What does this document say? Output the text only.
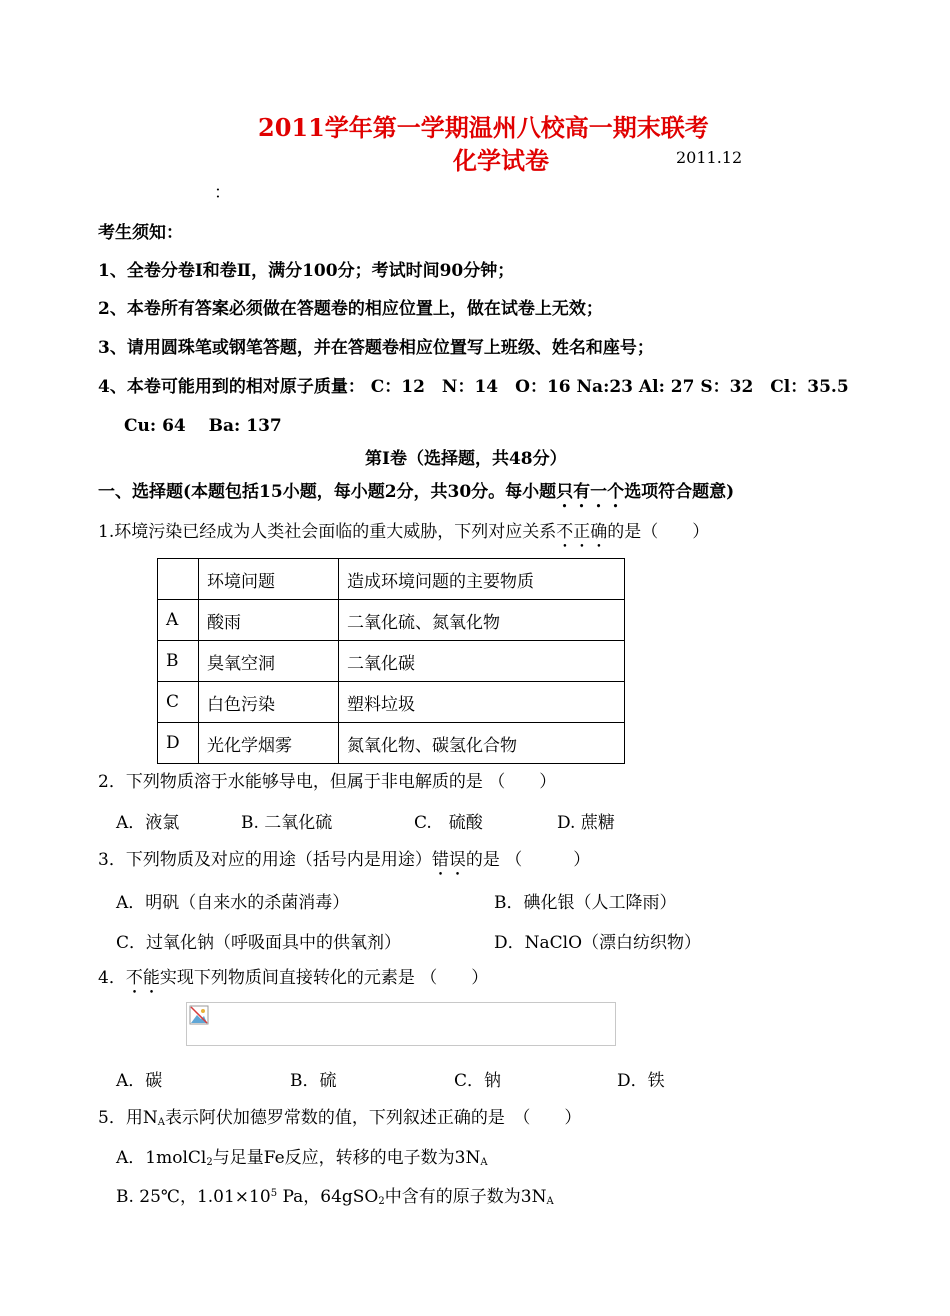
2011学年第一学期温州八校高一期末联考
化学试卷	2011.12
：
考生须知：
1、全卷分卷Ⅰ和卷Ⅱ，满分100分；考试时间90分钟；
2、本卷所有答案必须做在答题卷的相应位置上，做在试卷上无效；
3、请用圆珠笔或钢笔答题，并在答题卷相应位置写上班级、姓名和座号；
4、本卷可能用到的相对原子质量： C：12　N：14　O：16 Na:23 Al: 27 S：32　Cl：35.5
Cu: 64　 Ba: 137
第Ⅰ卷（选择题，共48分）
一、选择题(本题包括15小题，每小题2分，共30分。每小题只有一个选项符合题意)
1.环境污染已经成为人类社会面临的重大威胁，下列对应关系不正确的是（　　）
	环境问题	造成环境问题的主要物质
A	酸雨	二氧化硫、氮氧化物
B	臭氧空洞	二氧化碳
C	白色污染	塑料垃圾
D	光化学烟雾	氮氧化物、碳氢化合物
2．下列物质溶于水能够导电，但属于非电解质的是 （　　）
A．液氯	B. 二氧化硫	C.　硫酸	D. 蔗糖
3．下列物质及对应的用途（括号内是用途）错误的是 （　　　）
A．明矾（自来水的杀菌消毒）	B．碘化银（人工降雨）
C．过氧化钠（呼吸面具中的供氧剂）	D．NaClO（漂白纺织物）
4．不能实现下列物质间直接转化的元素是 （　　）
A．碳	B．硫	C．钠	D．铁
5．用$N_A$表示阿伏加德罗常数的值，下列叙述正确的是　（　　）
A．1molCl$_2$与足量Fe反应，转移的电子数为$3N_A$
B. 25℃，$1.01\times 10^5$ Pa，64gSO$_2$中含有的原子数为$3N_A$
